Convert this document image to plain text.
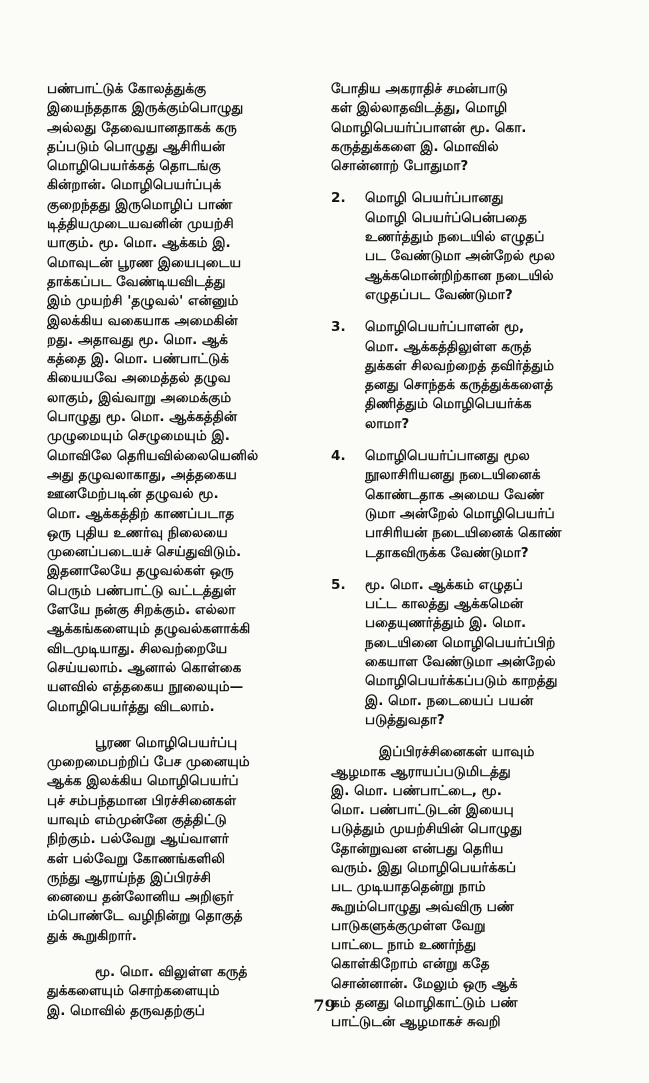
பண்பாட்டுக் கோலத்துக்கு
இயைந்ததாக இருக்கும்பொழுது
அல்லது தேவையானதாகக் கரு
தப்படும் பொழுது ஆசிரியன்
மொழிபெயர்க்கத் தொடங்கு
கின்றான். மொழிபெயர்ப்புக்
குறைந்தது இருமொழிப் பாண்
டித்தியமுடையவனின் முயற்சி
யாகும். மூ. மொ. ஆக்கம் இ.
மொவுடன் பூரண இயைபுடைய
தாக்கப்பட வேண்டியவிடத்து
இம் முயற்சி 'தழுவல்' என்னும்
இலக்கிய வகையாக அமைகின்
றது. அதாவது மூ. மொ. ஆக்
கத்தை இ. மொ. பண்பாட்டுக்
கியையவே அமைத்தல் தழுவ
லாகும், இவ்வாறு அமைக்கும்
பொழுது மூ. மொ. ஆக்கத்தின்
முழுமையும் செழுமையும் இ.
மொவிலே தெரியவில்லையெனில்
அது தழுவலாகாது, அத்தகைய
ஊனமேற்படின் தழுவல் மூ.
மொ. ஆக்கத்திற் காணப்படாத
ஒரு புதிய உணர்வு நிலையை
முனைப்படையச் செய்துவிடும்.
இதனாலேயே தழுவல்கள் ஒரு
பெரும் பண்பாட்டு வட்டத்துள்
ளேயே நன்கு சிறக்கும். எல்லா
ஆக்கங்களையும் தழுவல்களாக்கி
விடமுடியாது. சிலவற்றையே
செய்யலாம். ஆனால் கொள்கை
யளவில் எத்தகைய நூலையும்—
மொழிபெயர்த்து விடலாம்.
பூரண மொழிபெயர்ப்பு
முறைமைபற்றிப் பேச முனையும்
ஆக்க இலக்கிய மொழிபெயர்ப்
புச் சம்பந்தமான பிரச்சினைகள்
யாவும் எம்முன்னே குத்திட்டு
நிற்கும். பல்வேறு ஆய்வாளர்
கள் பல்வேறு கோணங்களிலி
ருந்து ஆராய்ந்த இப்பிரச்சி
னையை தன்லோனிய அறிஞர்
ம்பொண்டே வழிநின்று தொகுத்
துக் கூறுகிறார்.
மூ. மொ. விலுள்ள கருத்
துக்களையும் சொற்களையும்
இ. மொவில் தருவதற்குப்
போதிய அகராதிச் சமன்பாடு
கள் இல்லாதவிடத்து, மொழி
மொழிபெயர்ப்பாளன் மூ. கொ.
கருத்துக்களை இ. மொவில்
சொன்னாற் போதுமா?
2.	மொழி பெயர்ப்பானது
மொழி பெயர்ப்பென்பதை
உணர்த்தும் நடையில் எழுதப்
பட வேண்டுமா அன்றேல் மூல
ஆக்கமொன்றிற்கான நடையில்
எழுதப்பட வேண்டுமா?
3.	மொழிபெயர்ப்பாளன் மூ,
மொ. ஆக்கத்திலுள்ள கருத்
துக்கள் சிலவற்றைத் தவிர்த்தும்
தனது சொந்தக் கருத்துக்களைத்
திணித்தும் மொழிபெயர்க்க
லாமா?
4.	மொழிபெயர்ப்பானது மூல
நூலாசிரியனது நடையினைக்
கொண்டதாக அமைய வேண்
டுமா அன்றேல் மொழிபெயர்ப்
பாசிரியன் நடையினைக் கொண்
டதாகவிருக்க வேண்டுமா?
5.	மூ. மொ. ஆக்கம் எழுதப்
பட்ட காலத்து ஆக்கமென்
பதையுணர்த்தும் இ. மொ.
நடையினை மொழிபெயர்ப்பிற்
கையாள வேண்டுமா அன்றேல்
மொழிபெயர்க்கப்படும் காறத்து
இ. மொ. நடையைப் பயன்
படுத்துவதா?
இப்பிரச்சினைகள் யாவும்
ஆழமாக ஆராயப்படுமிடத்து
இ. மொ. பண்பாட்டை, மூ.
மொ. பண்பாட்டுடன் இயைபு
படுத்தும் முயற்சியின் பொழுது
தோன்றுவன என்பது தெரிய
வரும். இது மொழிபெயர்க்கப்
பட முடியாததென்று நாம்
கூறும்பொழுது அவ்விரு பண்
பாடுகளுக்குமுள்ள வேறு
பாட்டை நாம் உணர்ந்து
கொள்கிறோம் என்று கதே
சொன்னான். மேலும் ஒரு ஆக்
கம் தனது மொழிகாட்டும் பண்
பாட்டுடன் ஆழமாகச் சுவறி
79
